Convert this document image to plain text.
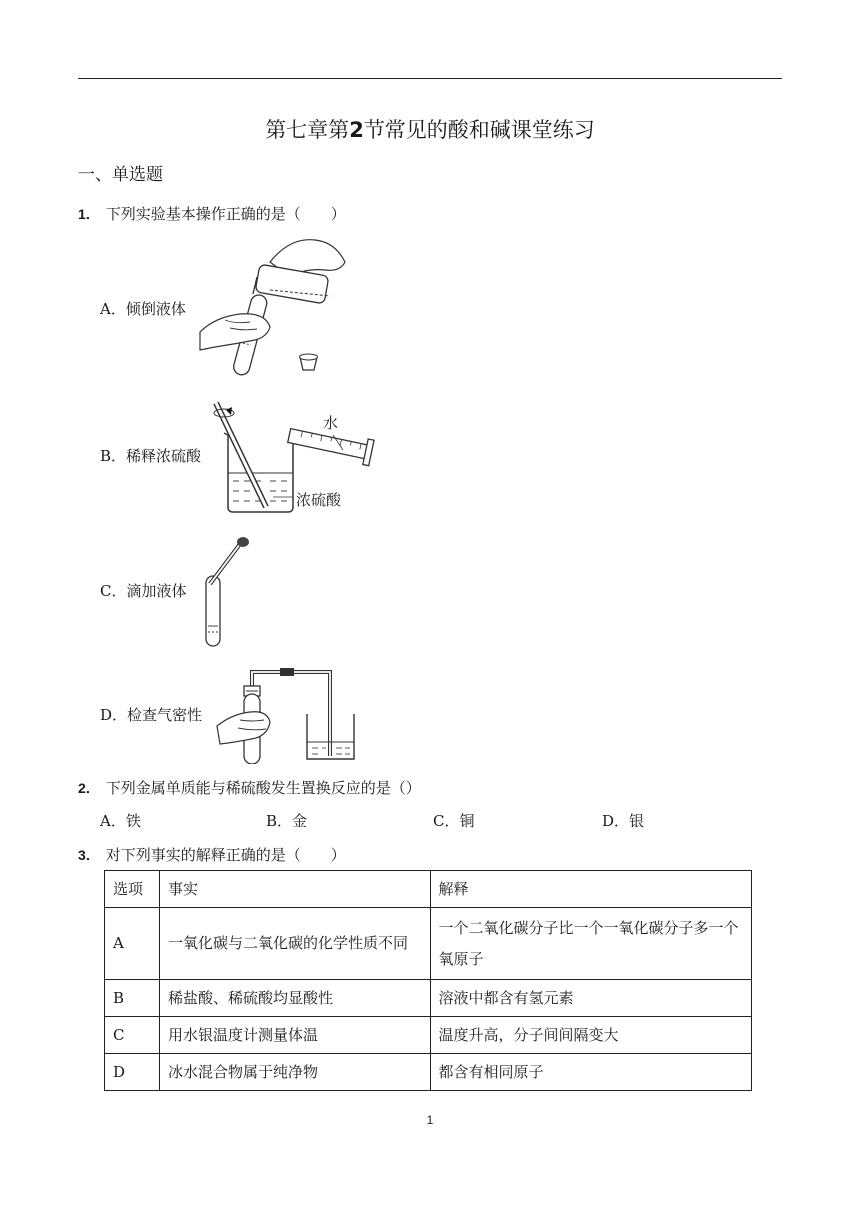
第七章第2节常见的酸和碱课堂练习
一、单选题
1． 下列实验基本操作正确的是（　　）
A．倾倒液体
B．稀释浓硫酸
水
浓硫酸
C．滴加液体
D．检查气密性
2． 下列金属单质能与稀硫酸发生置换反应的是（）
A．铁	B．金	C．铜	D．银
3． 对下列事实的解释正确的是（　　）
选项	事实	解释
A	一氧化碳与二氧化碳的化学性质不同	一个二氧化碳分子比一个一氧化碳分子多一个氧原子
B	稀盐酸、稀硫酸均显酸性	溶液中都含有氢元素
C	用水银温度计测量体温	温度升高，分子间间隔变大
D	冰水混合物属于纯净物	都含有相同原子
1
